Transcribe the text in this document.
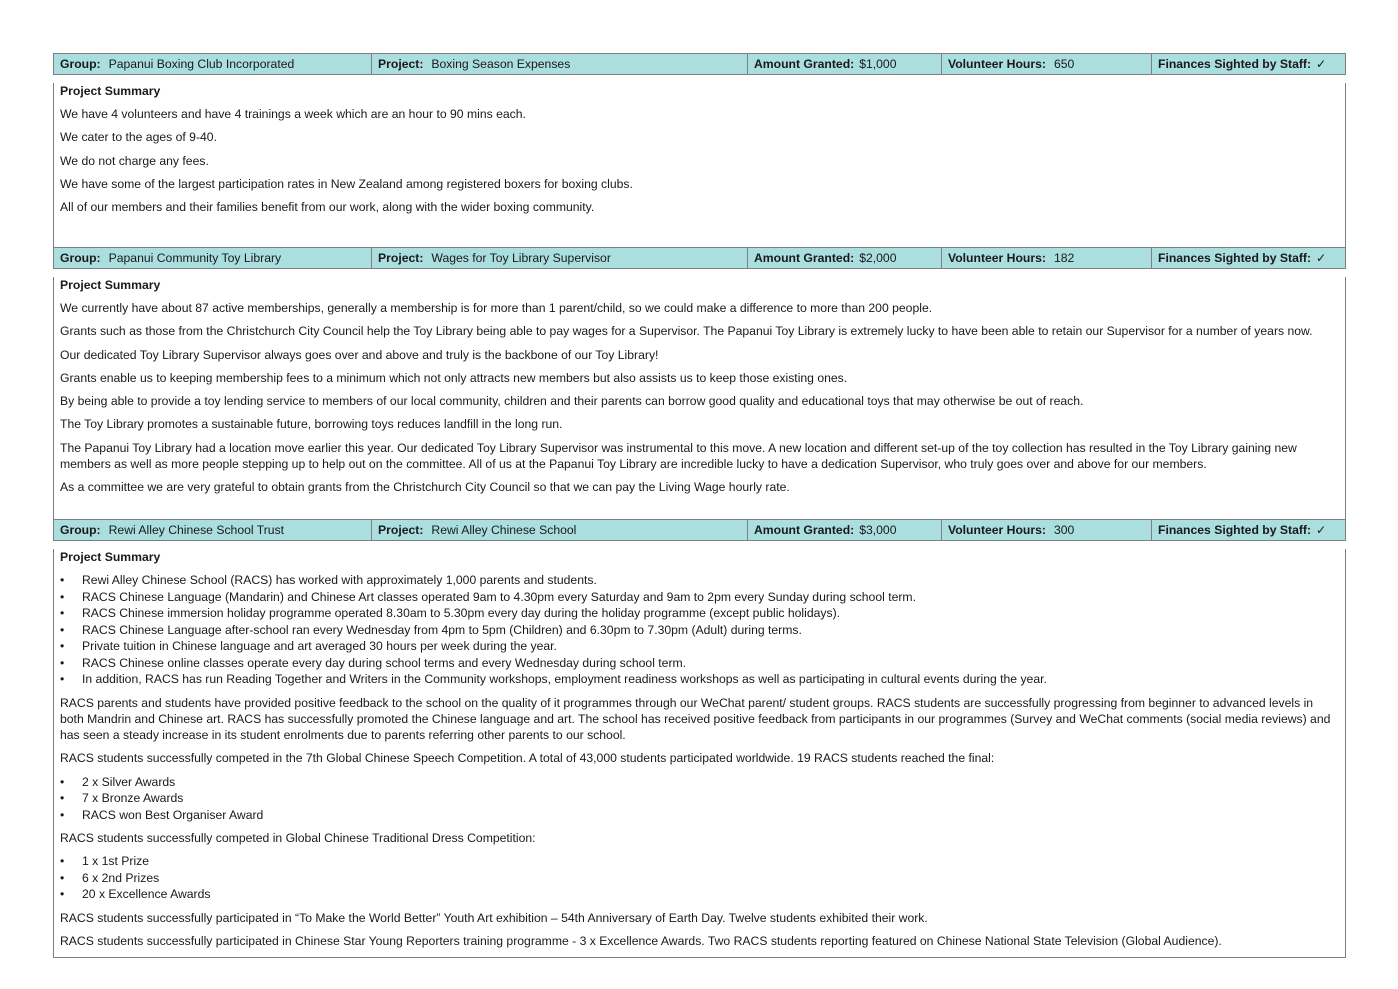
Group: Papanui Boxing Club Incorporated	Project: Boxing Season Expenses	Amount Granted: $1,000	Volunteer Hours: 650	Finances Sighted by Staff: ✓
Project Summary

We have 4 volunteers and have 4 trainings a week which are an hour to 90 mins each.

We cater to the ages of 9-40.

We do not charge any fees.

We have some of the largest participation rates in New Zealand among registered boxers for boxing clubs.

All of our members and their families benefit from our work, along with the wider boxing community.

Group: Papanui Community Toy Library	Project: Wages for Toy Library Supervisor	Amount Granted: $2,000	Volunteer Hours: 182	Finances Sighted by Staff: ✓
Project Summary

We currently have about 87 active memberships, generally a membership is for more than 1 parent/child, so we could make a difference to more than 200 people.

Grants such as those from the Christchurch City Council help the Toy Library being able to pay wages for a Supervisor. The Papanui Toy Library is extremely lucky to have been able to retain our Supervisor for a number of years now.

Our dedicated Toy Library Supervisor always goes over and above and truly is the backbone of our Toy Library!

Grants enable us to keeping membership fees to a minimum which not only attracts new members but also assists us to keep those existing ones.

By being able to provide a toy lending service to members of our local community, children and their parents can borrow good quality and educational toys that may otherwise be out of reach.

The Toy Library promotes a sustainable future, borrowing toys reduces landfill in the long run.

The Papanui Toy Library had a location move earlier this year. Our dedicated Toy Library Supervisor was instrumental to this move. A new location and different set-up of the toy collection has resulted in the Toy Library gaining new members as well as more people stepping up to help out on the committee. All of us at the Papanui Toy Library are incredible lucky to have a dedication Supervisor, who truly goes over and above for our members.

As a committee we are very grateful to obtain grants from the Christchurch City Council so that we can pay the Living Wage hourly rate.

Group: Rewi Alley Chinese School Trust	Project: Rewi Alley Chinese School	Amount Granted: $3,000	Volunteer Hours: 300	Finances Sighted by Staff: ✓
Project Summary
• Rewi Alley Chinese School (RACS) has worked with approximately 1,000 parents and students.
• RACS Chinese Language (Mandarin) and Chinese Art classes operated 9am to 4.30pm every Saturday and 9am to 2pm every Sunday during school term.
• RACS Chinese immersion holiday programme operated 8.30am to 5.30pm every day during the holiday programme (except public holidays).
• RACS Chinese Language after-school ran every Wednesday from 4pm to 5pm (Children) and 6.30pm to 7.30pm (Adult) during terms.
• Private tuition in Chinese language and art averaged 30 hours per week during the year.
• RACS Chinese online classes operate every day during school terms and every Wednesday during school term.
• In addition, RACS has run Reading Together and Writers in the Community workshops, employment readiness workshops as well as participating in cultural events during the year.

RACS parents and students have provided positive feedback to the school on the quality of it programmes through our WeChat parent/ student groups. RACS students are successfully progressing from beginner to advanced levels in both Mandrin and Chinese art. RACS has successfully promoted the Chinese language and art. The school has received positive feedback from participants in our programmes (Survey and WeChat comments (social media reviews) and has seen a steady increase in its student enrolments due to parents referring other parents to our school.

RACS students successfully competed in the 7th Global Chinese Speech Competition. A total of 43,000 students participated worldwide. 19 RACS students reached the final:

• 2 x Silver Awards
• 7 x Bronze Awards
• RACS won Best Organiser Award

RACS students successfully competed in Global Chinese Traditional Dress Competition:

• 1 x 1st Prize
• 6 x 2nd Prizes
• 20 x Excellence Awards

RACS students successfully participated in “To Make the World Better” Youth Art exhibition – 54th Anniversary of Earth Day. Twelve students exhibited their work.

RACS students successfully participated in Chinese Star Young Reporters training programme - 3 x Excellence Awards. Two RACS students reporting featured on Chinese National State Television (Global Audience).
